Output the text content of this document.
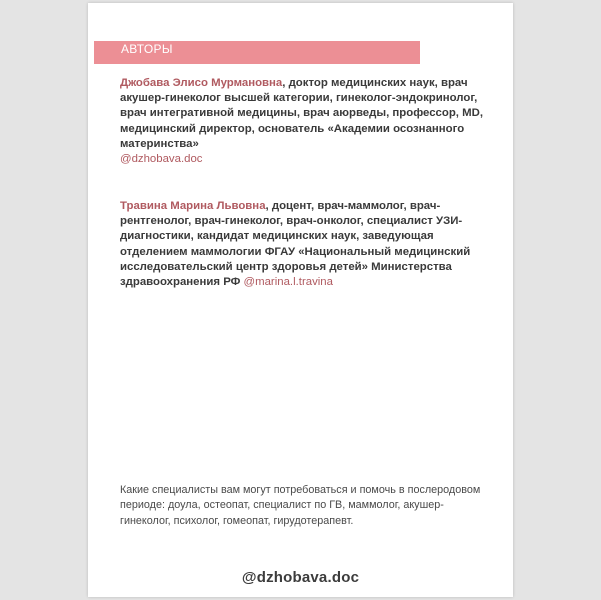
АВТОРЫ

Джобава Элисо Мурмановна, доктор медицинских наук, врач акушер-гинеколог высшей категории, гинеколог-эндокринолог, врач интегративной медицины, врач аюрведы, профессор, MD, медицинский директор, основатель «Академии осознанного материнства»
@dzhobava.doc

Травина Марина Львовна, доцент, врач-маммолог, врач-рентгенолог, врач-гинеколог, врач-онколог, специалист УЗИ-диагностики, кандидат медицинских наук, заведующая отделением маммологии ФГАУ «Национальный медицинский исследовательский центр здоровья детей» Министерства здравоохранения РФ @marina.l.travina

Какие специалисты вам могут потребоваться и помочь в послеродовом периоде: доула, остеопат, специалист по ГВ, маммолог, акушер-гинеколог, психолог, гомеопат, гирудотерапевт.

@dzhobava.doc
